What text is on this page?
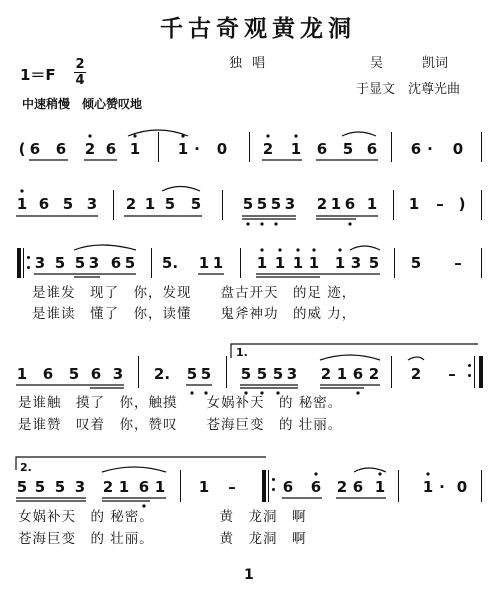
千古奇观黄龙洞
独 唱	吴　　　凯词
于显文　沈尊光曲
1＝F
2
4
中速稍慢　倾心赞叹地
( 6 6 2 6 1	1 · 0 2 1 6 5 6 6 · 0
1 6 5 3 2 1 5 5	5 5 5 3 2 1 6 1 1 – )
3 5 5 3 6 5 5. 1 1 1 1 1 1 1 3 5 5 –
是谁发　现了　你，发现　　盘古开天　的足 迹，
是谁读　懂了　你，读懂　　鬼斧神功　的威 力，
1 6 5 6 3 2. 5 5 5 5 5 3 2 1 6 2 2 –
1.
是谁触　摸了　你，触摸　　女娲补天　的 秘密。
是谁赞　叹着　你，赞叹　　苍海巨变　的 壮丽。
2.
5 5 5 3 2 1 6 1 1 –	6 6 2 6 1	1 · 0
女娲补天　的 秘密。　　　　　黄　龙洞　啊
苍海巨变　的 壮丽。　　　　　黄　龙洞　啊
1
